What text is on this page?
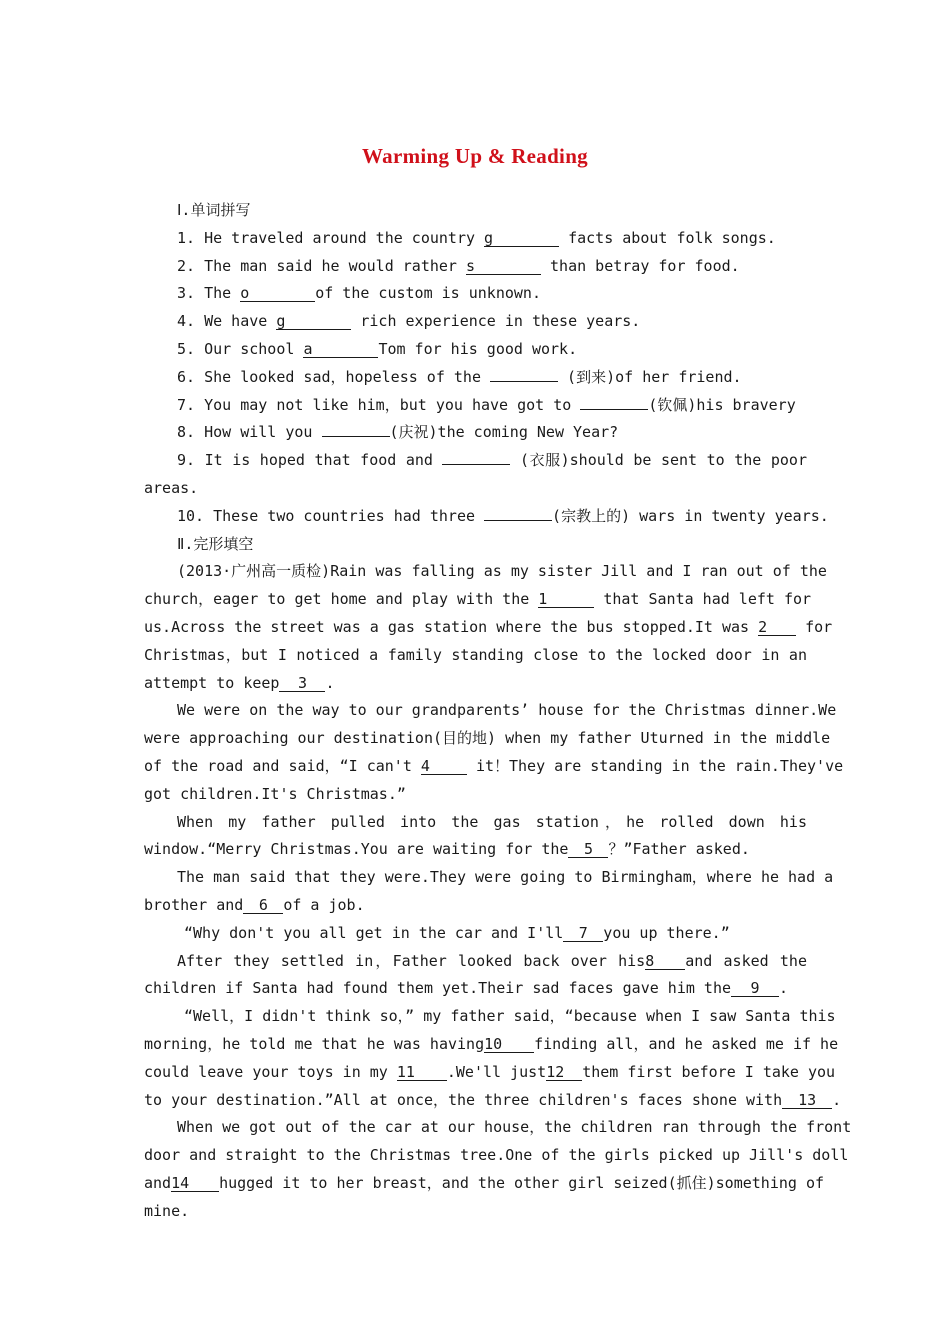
Warming Up & Reading
Ⅰ.单词拼写
1. He traveled around the country g	facts about folk songs.
2. The man said he would rather s	than betray for food.
3. The o	of the custom is unknown.
4. We have g	rich experience in these years.
5. Our school a	Tom for his good work.
6. She looked sad，hopeless of the	(到来)of her friend.
7. You may not like him，but you have got to	(钦佩)his bravery
8. How will you	(庆祝)the coming New Year?
9. It is hoped that food and	(衣服)should be sent to the poor
areas.
10. These two countries had three	(宗教上的) wars in twenty years.
Ⅱ.完形填空
(2013·广州高一质检)Rain was falling as my sister Jill and I ran out of the
church，eager to get home and play with the 1	that Santa had left for
us.Across the street was a gas station where the bus stopped.It was 2	for
Christmas，but I noticed a family standing close to the locked door in an
attempt to keep 3 .
We were on the way to our grandparents’ house for the Christmas dinner.We
were approaching our destination(目的地) when my father Uturned in the middle
of the road and said，“I can't 4	it！They are standing in the rain.They've
got children.It's Christmas.”
When my father pulled into the gas station，he rolled down his
window.“Merry Christmas.You are waiting for the 5 ？”Father asked.
The man said that they were.They were going to Birmingham，where he had a
brother and 6 of a job.
“Why don't you all get in the car and I'll 7 you up there.”
After they settled in，Father looked back over his8 and asked the
children if Santa had found them yet.Their sad faces gave him the 9 .
“Well，I didn't think so，” my father said，“because when I saw Santa this
morning，he told me that he was having10 finding all，and he asked me if he
could leave your toys in my 11 .We'll just12 them first before I take you
to your destination.”All at once，the three children's faces shone with 13 .
When we got out of the car at our house，the children ran through the front
door and straight to the Christmas tree.One of the girls picked up Jill's doll
and14 hugged it to her breast，and the other girl seized(抓住)something of
mine.
